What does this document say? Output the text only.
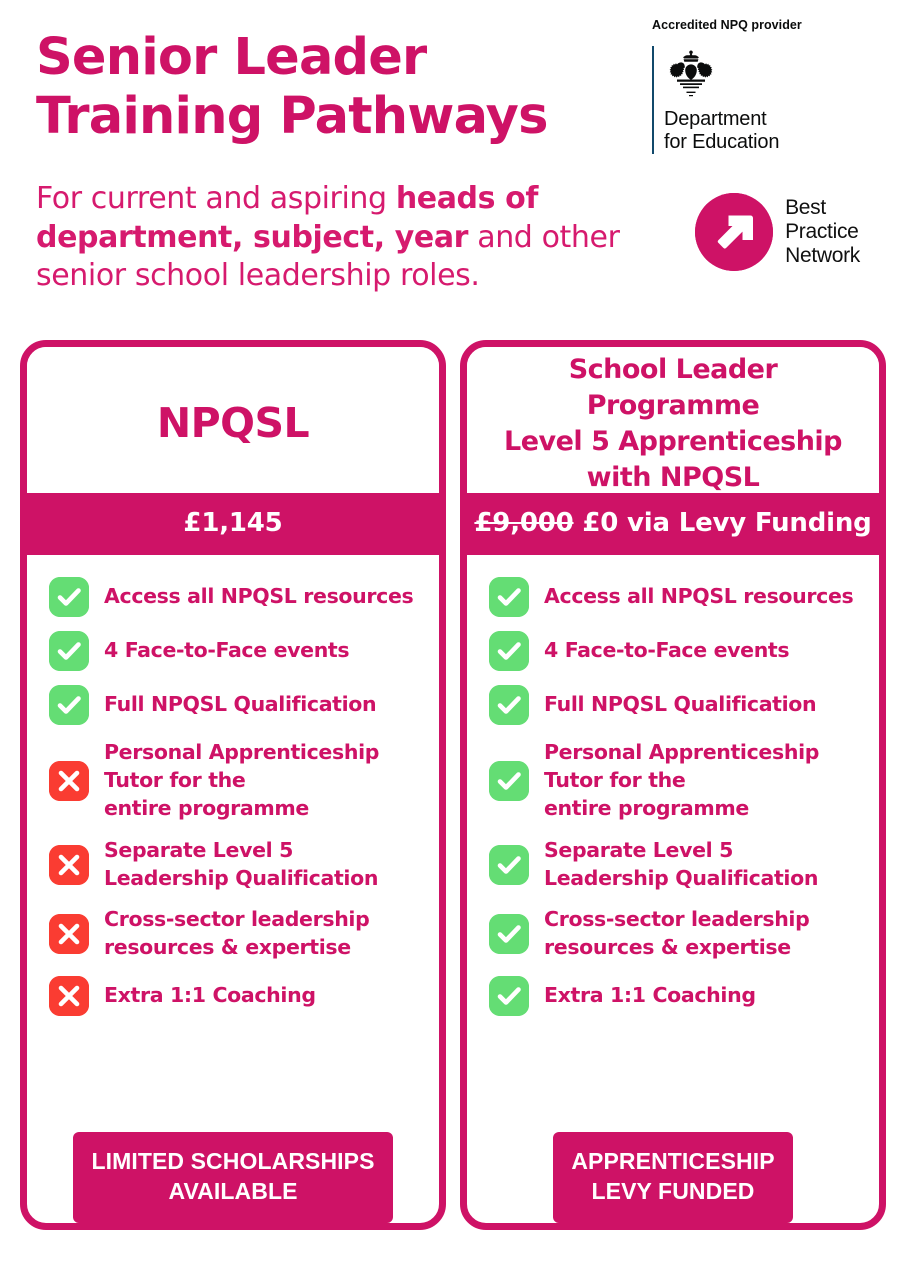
Senior Leader
Training Pathways

For current and aspiring heads of department, subject, year and other senior school leadership roles.

Accredited NPQ provider

Department
for Education

Best
Practice
Network
NPQSL
£1,145
Access all NPQSL resources
4 Face-to-Face events
Full NPQSL Qualification
Personal Apprenticeship
Tutor for the
entire programme
Separate Level 5
Leadership Qualification
Cross-sector leadership
resources & expertise
Extra 1:1 Coaching
LIMITED SCHOLARSHIPS
AVAILABLE
School Leader Programme
Level 5 Apprenticeship
with NPQSL
£9,000 £0 via Levy Funding
Access all NPQSL resources
4 Face-to-Face events
Full NPQSL Qualification
Personal Apprenticeship
Tutor for the
entire programme
Separate Level 5
Leadership Qualification
Cross-sector leadership
resources & expertise
Extra 1:1 Coaching
APPRENTICESHIP
LEVY FUNDED
